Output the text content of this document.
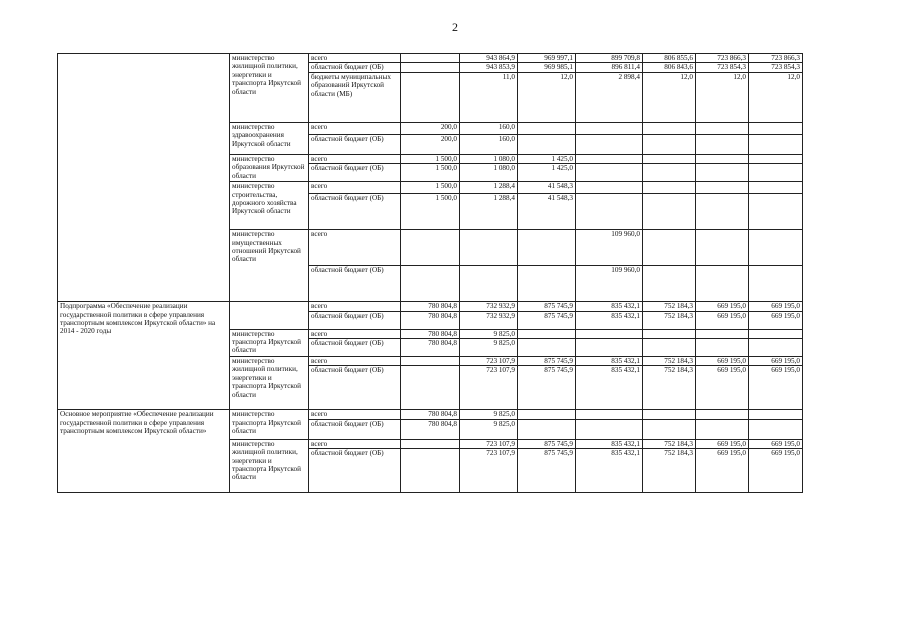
2
	министерство жилищной политики, энергетики и транспорта Иркутской области	всего		943 864,9	969 997,1	899 709,8	806 855,6	723 866,3	723 866,3
		областной бюджет (ОБ)		943 853,9	969 985,1	896 811,4	806 843,6	723 854,3	723 854,3
		бюджеты муниципальных образований Иркутской области (МБ)		11,0	12,0	2 898,4	12,0	12,0	12,0
	министерство здравоохранения Иркутской области	всего	200,0	160,0					
		областной бюджет (ОБ)	200,0	160,0					
	министерство образования Иркутской области	всего	1 500,0	1 080,0	1 425,0				
		областной бюджет (ОБ)	1 500,0	1 080,0	1 425,0				
	министерство строительства, дорожного хозяйства Иркутской области	всего	1 500,0	1 288,4	41 548,3				
		областной бюджет (ОБ)	1 500,0	1 288,4	41 548,3				
	министерство имущественных отношений Иркутской области	всего				109 960,0			
		областной бюджет (ОБ)				109 960,0			
Подпрограмма «Обеспечение реализации государственной политики в сфере управления транспортным комплексом Иркутской области» на 2014 - 2020 годы		всего	780 804,8	732 932,9	875 745,9	835 432,1	752 184,3	669 195,0	669 195,0
		областной бюджет (ОБ)	780 804,8	732 932,9	875 745,9	835 432,1	752 184,3	669 195,0	669 195,0
	министерство транспорта Иркутской области	всего	780 804,8	9 825,0					
		областной бюджет (ОБ)	780 804,8	9 825,0					
	министерство жилищной политики, энергетики и транспорта Иркутской области	всего		723 107,9	875 745,9	835 432,1	752 184,3	669 195,0	669 195,0
		областной бюджет (ОБ)		723 107,9	875 745,9	835 432,1	752 184,3	669 195,0	669 195,0
Основное мероприятие «Обеспечение реализации государственной политики в сфере управления транспортным комплексом Иркутской области»	министерство транспорта Иркутской области	всего	780 804,8	9 825,0					
		областной бюджет (ОБ)	780 804,8	9 825,0					
	министерство жилищной политики, энергетики и транспорта Иркутской области	всего		723 107,9	875 745,9	835 432,1	752 184,3	669 195,0	669 195,0
		областной бюджет (ОБ)		723 107,9	875 745,9	835 432,1	752 184,3	669 195,0	669 195,0
